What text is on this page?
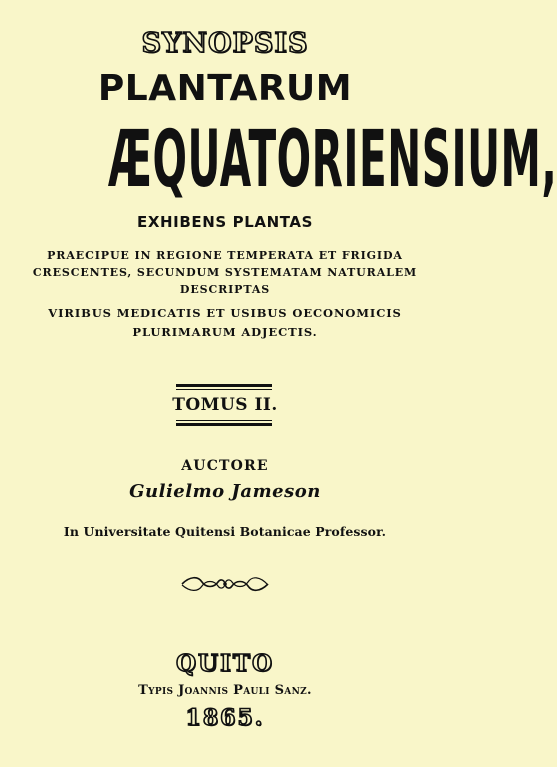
SYNOPSIS
PLANTARUM
ÆQUATORIENSIUM,
EXHIBENS PLANTAS
PRAECIPUE IN REGIONE TEMPERATA ET FRIGIDA
CRESCENTES, SECUNDUM SYSTEMATAM NATURALEM
DESCRIPTAS
VIRIBUS MEDICATIS ET USIBUS OECONOMICIS
PLURIMARUM ADJECTIS.
TOMUS II.
AUCTORE
Gulielmo Jameson
In Universitate Quitensi Botanicae Professor.
QUITO
Typis Joannis Pauli Sanz.
1865.
